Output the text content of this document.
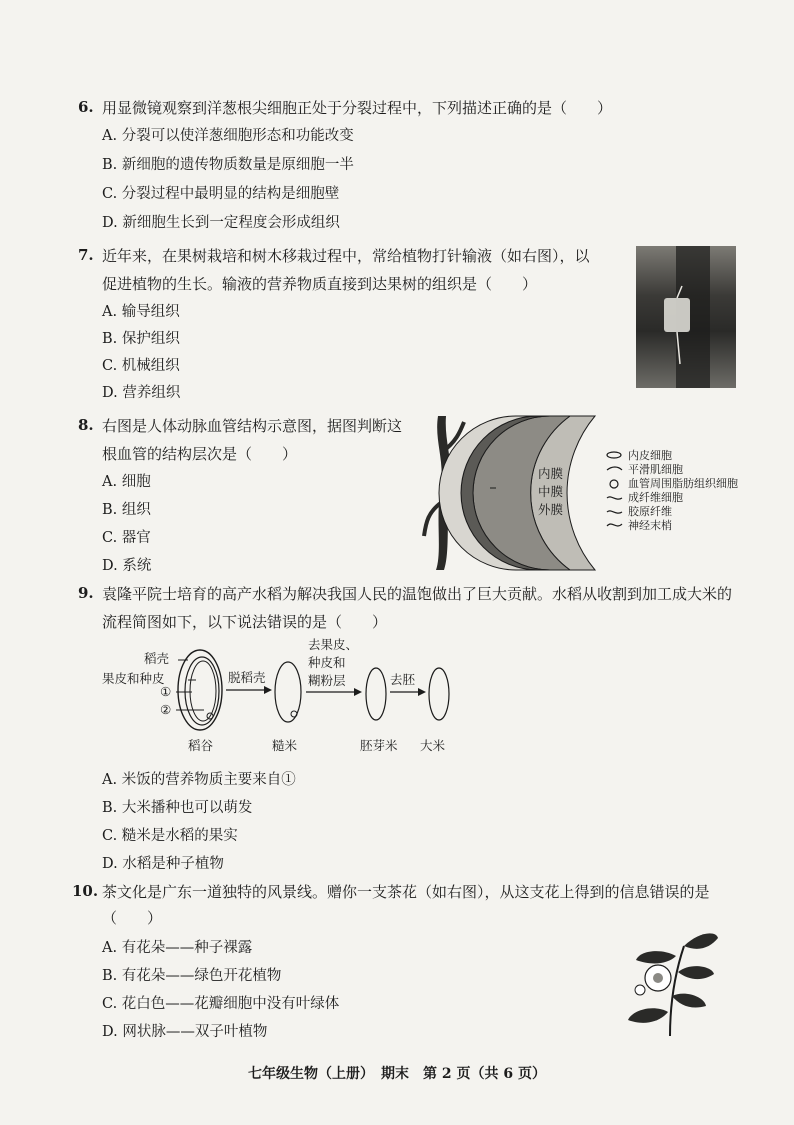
6. 用显微镜观察到洋葱根尖细胞正处于分裂过程中，下列描述正确的是（　　）
A. 分裂可以使洋葱细胞形态和功能改变
B. 新细胞的遗传物质数量是原细胞一半
C. 分裂过程中最明显的结构是细胞壁
D. 新细胞生长到一定程度会形成组织
7. 近年来，在果树栽培和树木移栽过程中，常给植物打针输液（如右图），以
促进植物的生长。输液的营养物质直接到达果树的组织是（　　）
A. 输导组织
B. 保护组织
C. 机械组织
D. 营养组织
8. 右图是人体动脉血管结构示意图，据图判断这
根血管的结构层次是（　　）
A. 细胞
B. 组织
C. 器官
D. 系统
内膜
中膜
外膜
内皮细胞
平滑肌细胞
血管周围脂肪组织细胞
成纤维细胞
胶原纤维
神经末梢
9. 袁隆平院士培育的高产水稻为解决我国人民的温饱做出了巨大贡献。水稻从收割到加工成大米的
流程简图如下，以下说法错误的是（　　）
稻壳
果皮和种皮
①
②
脱稻壳
去果皮、
种皮和
糊粉层	去胚
稻谷	糙米	胚芽米 大米
A. 米饭的营养物质主要来自①
B. 大米播种也可以萌发
C. 糙米是水稻的果实
D. 水稻是种子植物
10. 茶文化是广东一道独特的风景线。赠你一支茶花（如右图），从这支花上得到的信息错误的是
（　　）
A. 有花朵——种子裸露
B. 有花朵——绿色开花植物
C. 花白色——花瓣细胞中没有叶绿体
D. 网状脉——双子叶植物
七年级生物（上册）　期末　第 2 页（共 6 页）
